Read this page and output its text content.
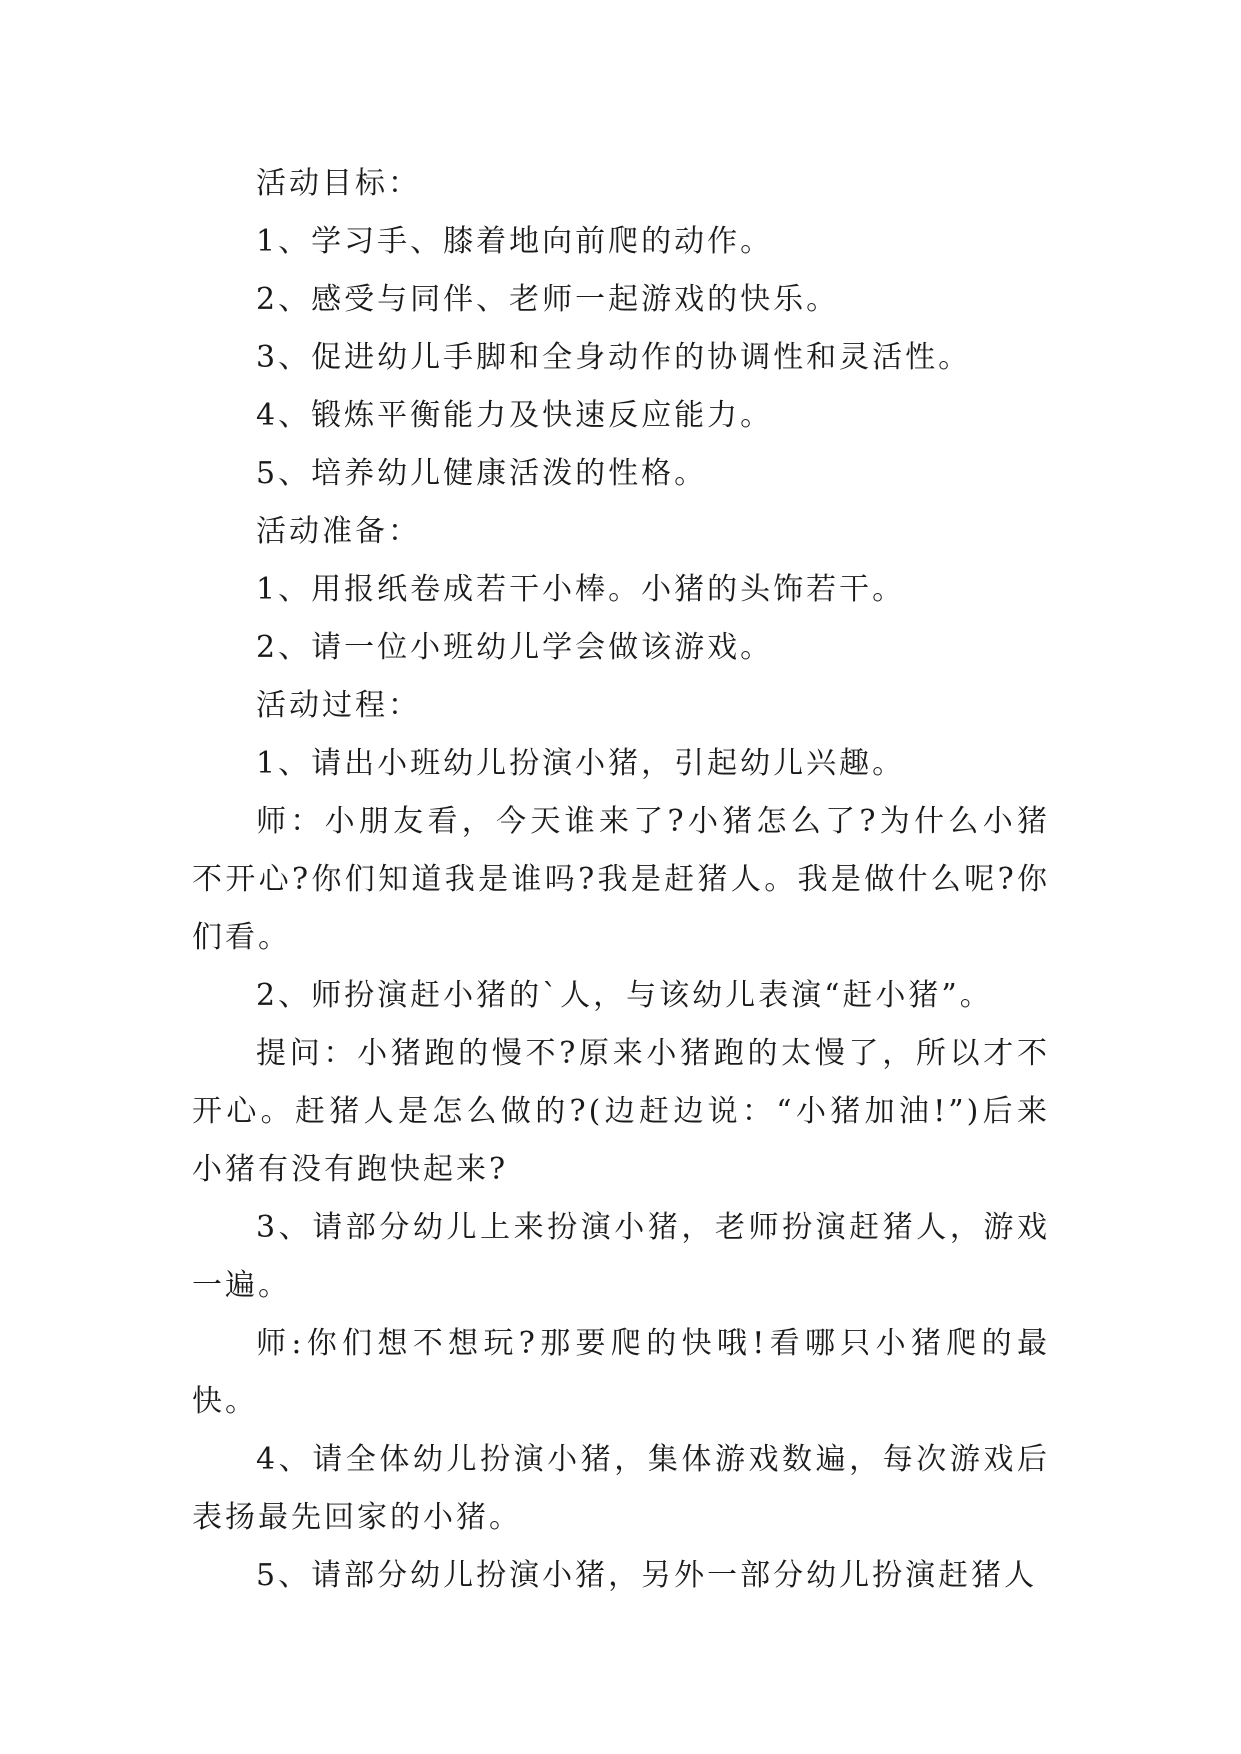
活动目标：

1、学习手、膝着地向前爬的动作。

2、感受与同伴、老师一起游戏的快乐。

3、促进幼儿手脚和全身动作的协调性和灵活性。

4、锻炼平衡能力及快速反应能力。

5、培养幼儿健康活泼的性格。

活动准备：

1、用报纸卷成若干小棒。小猪的头饰若干。

2、请一位小班幼儿学会做该游戏。

活动过程：

1、请出小班幼儿扮演小猪，引起幼儿兴趣。

师：小朋友看，今天谁来了?小猪怎么了?为什么小猪不开心?你们知道我是谁吗?我是赶猪人。我是做什么呢?你们看。

2、师扮演赶小猪的`人，与该幼儿表演“赶小猪”。

提问：小猪跑的慢不?原来小猪跑的太慢了，所以才不开心。赶猪人是怎么做的?(边赶边说：“小猪加油!”)后来小猪有没有跑快起来?

3、请部分幼儿上来扮演小猪，老师扮演赶猪人，游戏一遍。

师:你们想不想玩?那要爬的快哦!看哪只小猪爬的最快。

4、请全体幼儿扮演小猪，集体游戏数遍，每次游戏后表扬最先回家的小猪。

5、请部分幼儿扮演小猪，另外一部分幼儿扮演赶猪人
